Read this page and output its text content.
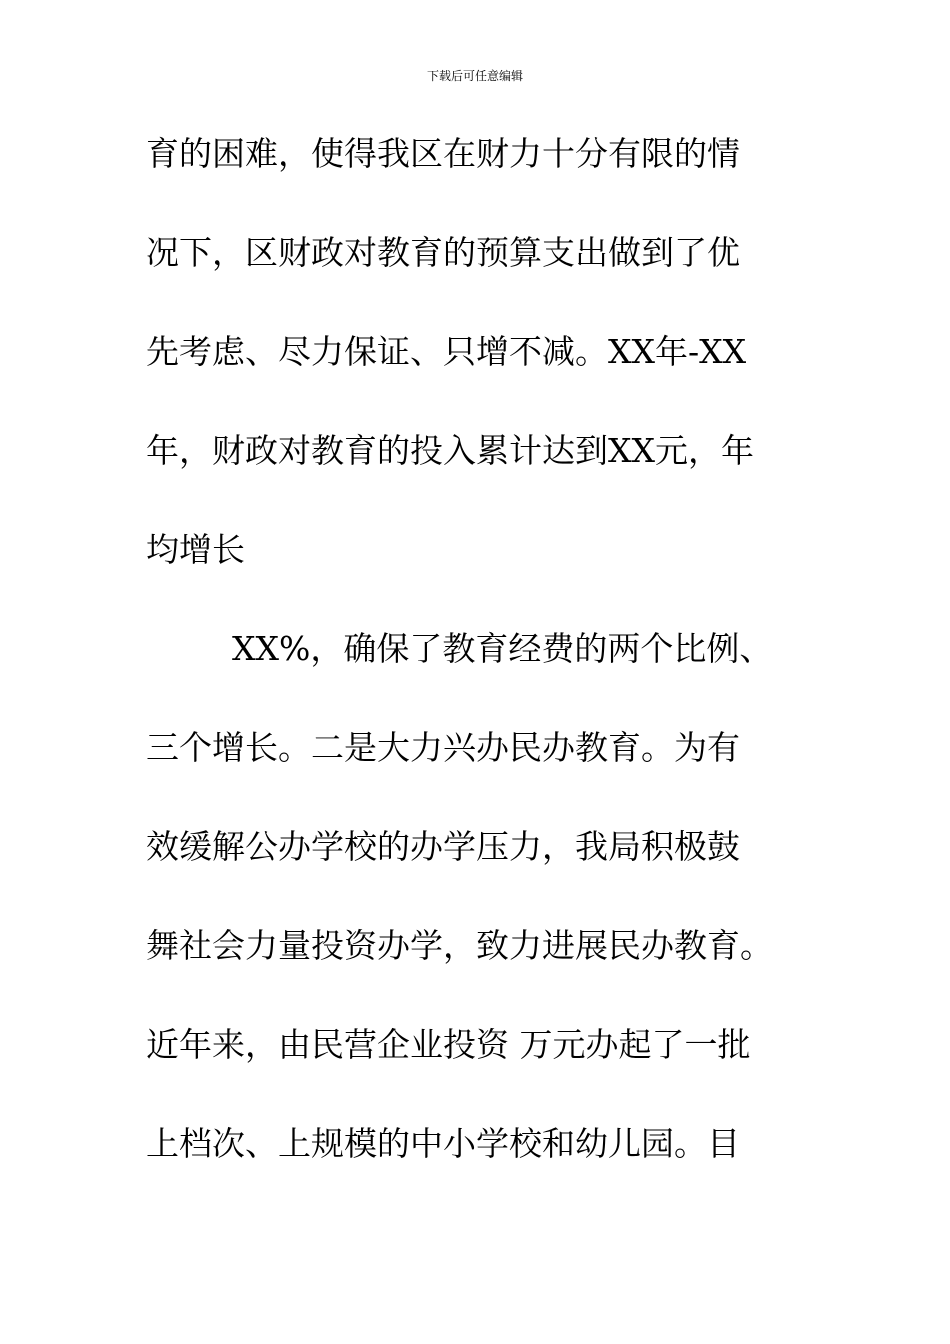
下载后可任意编辑
育的困难，使得我区在财力十分有限的情
况下，区财政对教育的预算支出做到了优
先考虑、尽力保证、只增不减。XX年-XX
年，财政对教育的投入累计达到XX元，年
均增长
XX%，确保了教育经费的两个比例、
三个增长。二是大力兴办民办教育。为有
效缓解公办学校的办学压力，我局积极鼓
舞社会力量投资办学，致力进展民办教育。
近年来，由民营企业投资 万元办起了一批
上档次、上规模的中小学校和幼儿园。目
